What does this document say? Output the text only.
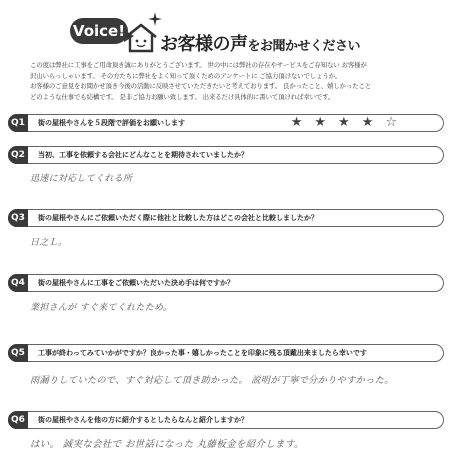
Voice!
お客様の声をお聞かせください

この度は弊社に工事をご用命頂き誠にありがとうございます。 世の中には弊社の存在やサービスをご存知ない お客様が

沢山いらっしゃいます。 その方たちに弊社をよく知って頂くためのアンケートに ご協力頂けないでしょうか。

お客様のご意見をお聞かせ頂き今後の活動に反映させていただきたいと考えております。 良かったこと、嬉しかったこと

どのような仕事でも結構です。 是非ご協力お願い致します。 出来るだけ具体的に書いて頂ければ幸いです。

Q1	街の屋根やさんを５段階で評価をお願いします	★ ★ ★ ★ ☆
Q2	当初、工事を依頼する会社にどんなことを期待されていましたか？
迅速に対応してくれる所
Q3	街の屋根やさんにご依頼いただく際に他社と比較した方はどこの会社と比較しましたか？
日之Ｌ。
Q4	街の屋根やさんに工事をご依頼いただいた決め手は何ですか？
業担さんが すぐ来てくれたため。
Q5	工事が終わってみていかがですか？良かった事・嬉しかったことを印象に残る頂戴出来ましたら幸いです
雨漏りしていたので、すぐ対応して頂き助かった。 説明が丁寧で分かりやすかった。
Q6	街の屋根やさんを他の方に紹介するとしたらなんと紹介しますか？
はい。 誠実な会社で お世話になった 丸藤板金を紹介します。
